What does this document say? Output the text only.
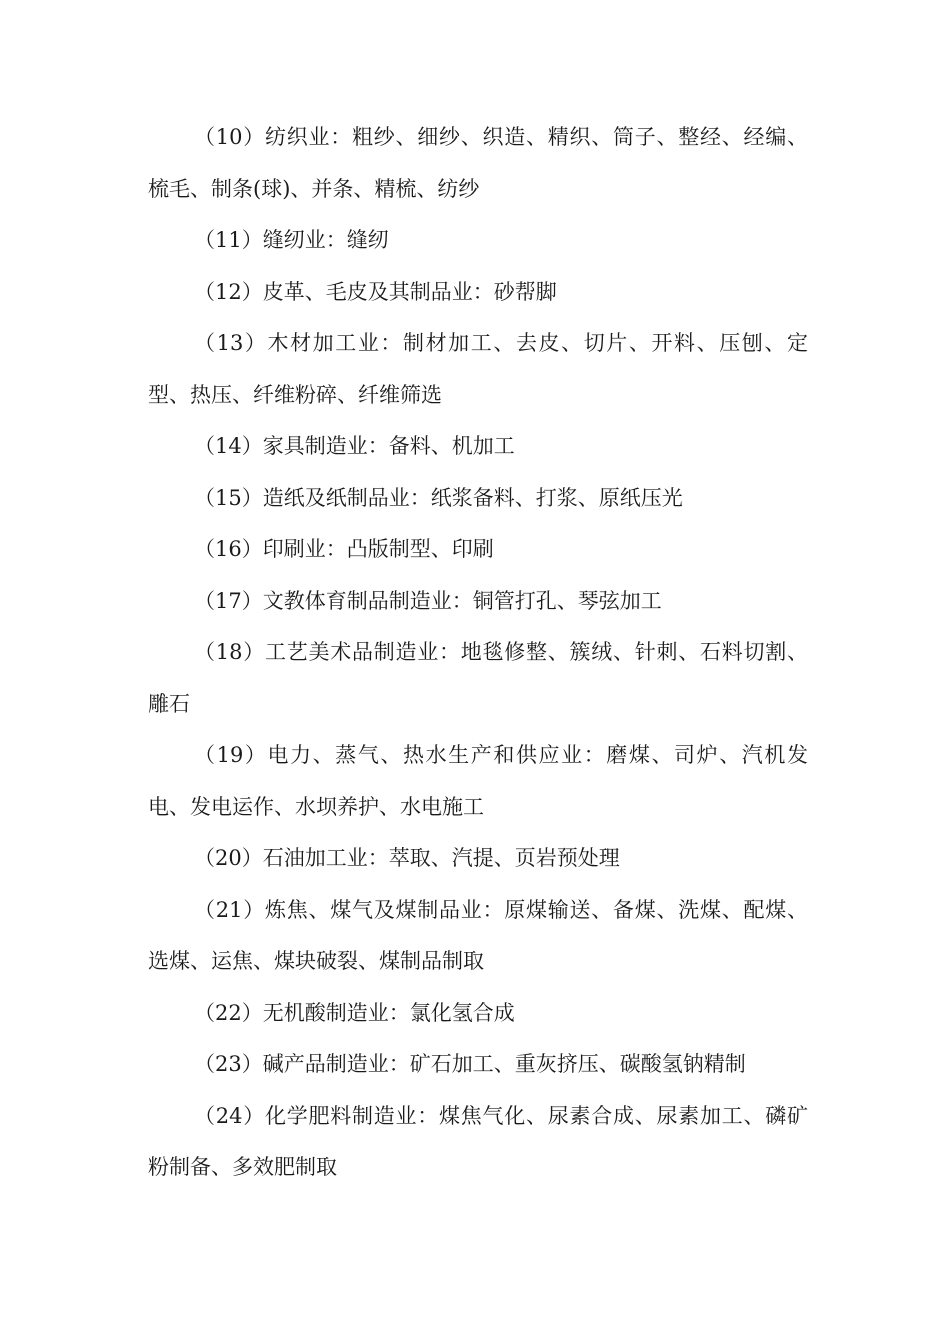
（10）纺织业：粗纱、细纱、织造、精织、筒子、整经、经编、梳毛、制条(球)、并条、精梳、纺纱

（11）缝纫业：缝纫

（12）皮革、毛皮及其制品业：砂帮脚

（13）木材加工业：制材加工、去皮、切片、开料、压刨、定型、热压、纤维粉碎、纤维筛选

（14）家具制造业：备料、机加工

（15）造纸及纸制品业：纸浆备料、打浆、原纸压光

（16）印刷业：凸版制型、印刷

（17）文教体育制品制造业：铜管打孔、琴弦加工

（18）工艺美术品制造业：地毯修整、簇绒、针刺、石料切割、雕石

（19）电力、蒸气、热水生产和供应业：磨煤、司炉、汽机发电、发电运作、水坝养护、水电施工

（20）石油加工业：萃取、汽提、页岩预处理

（21）炼焦、煤气及煤制品业：原煤输送、备煤、洗煤、配煤、选煤、运焦、煤块破裂、煤制品制取

（22）无机酸制造业：氯化氢合成

（23）碱产品制造业：矿石加工、重灰挤压、碳酸氢钠精制

（24）化学肥料制造业：煤焦气化、尿素合成、尿素加工、磷矿粉制备、多效肥制取
